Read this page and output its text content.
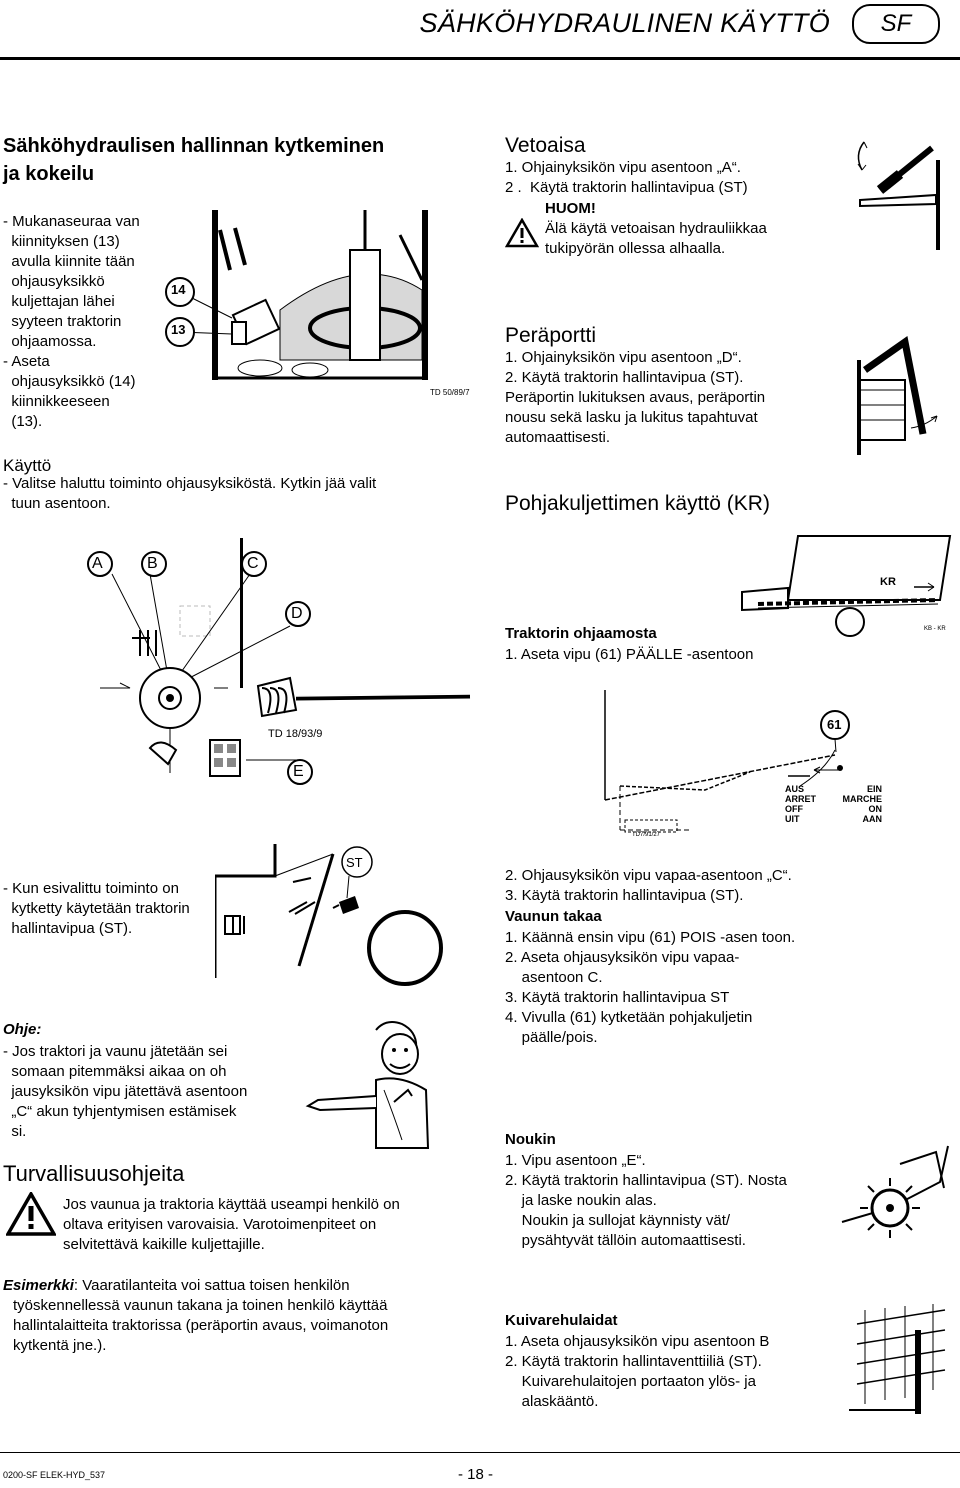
SÄHKÖHYDRAULINEN KÄYTTÖ	SF
Sähköhydraulisen hallinnan kytkeminen
ja kokeilu
- Mukanaseuraa van
kiinnityksen (13)
avulla kiinnite tään
ohjausyksikkö
kuljettajan lähei
syyteen traktorin
ohjaamossa.
- Aseta
ohjausyksikkö (14)
kiinnikkeeseen
(13).
14
13
TD 50/89/7
Käyttö
- Valitse haluttu toiminto ohjausyksiköstä. Kytkin jää valit
tuun asentoon.
Vetoaisa
1. Ohjainyksikön vipu asentoon „A“.
2 .  Käytä traktorin hallintavipua (ST)
HUOM!
Älä käytä vetoaisan hydrauliikkaa
tukipyörän ollessa alhaalla.
Peräportti
1. Ohjainyksikön vipu asentoon „D“.
2. Käytä traktorin hallintavipua (ST).
Peräportin lukituksen avaus, peräportin
nousu sekä lasku ja lukitus tapahtuvat
automaattisesti.
Pohjakuljettimen käyttö (KR)
A	B	C
D
E
TD 18/93/9
KR
KB - KR
Traktorin ohjaamosta
1. Aseta vipu (61) PÄÄLLE -asentoon
61
TD7/91/27
AUS
ARRET
OFF
UIT
EIN
MARCHE
ON
AAN
- Kun esivalittu toiminto on
kytketty käytetään traktorin
hallintavipua (ST).
ST
Ohje:
- Jos traktori ja vaunu jätetään sei
somaan pitemmäksi aikaa on oh
jausyksikön vipu jätettävä asentoon
„C“ akun tyhjentymisen estämisek
si.
Turvallisuusohjeita
Jos vaunua ja traktoria käyttää useampi henkilö on
oltava erityisen varovaisia. Varotoimenpiteet on
selvitettävä kaikille kuljettajille.
Esimerkki: Vaaratilanteita voi sattua toisen henkilön
työskennellessä vaunun takana ja toinen henkilö käyttää
hallintalaitteita traktorissa (peräportin avaus, voimanoton
kytkentä jne.).
2. Ohjausyksikön vipu vapaa-asentoon „C“.
3. Käytä traktorin hallintavipua (ST).
Vaunun takaa
1. Käännä ensin vipu (61) POIS -asen toon.
2. Aseta ohjausyksikön vipu vapaa-
asentoon C.
3. Käytä traktorin hallintavipua ST
4. Vivulla (61) kytketään pohjakuljetin
päälle/pois.
Noukin
1. Vipu asentoon „E“.
2. Käytä traktorin hallintavipua (ST). Nosta
ja laske noukin alas.
Noukin ja sullojat käynnisty vät/
pysähtyvät tällöin automaattisesti.
Kuivarehulaidat
1. Aseta ohjausyksikön vipu asentoon B
2. Käytä traktorin hallintaventtiiliä (ST).
Kuivarehulaitojen portaaton ylös- ja
alaskääntö.
0200-SF ELEK-HYD_537	- 18 -
